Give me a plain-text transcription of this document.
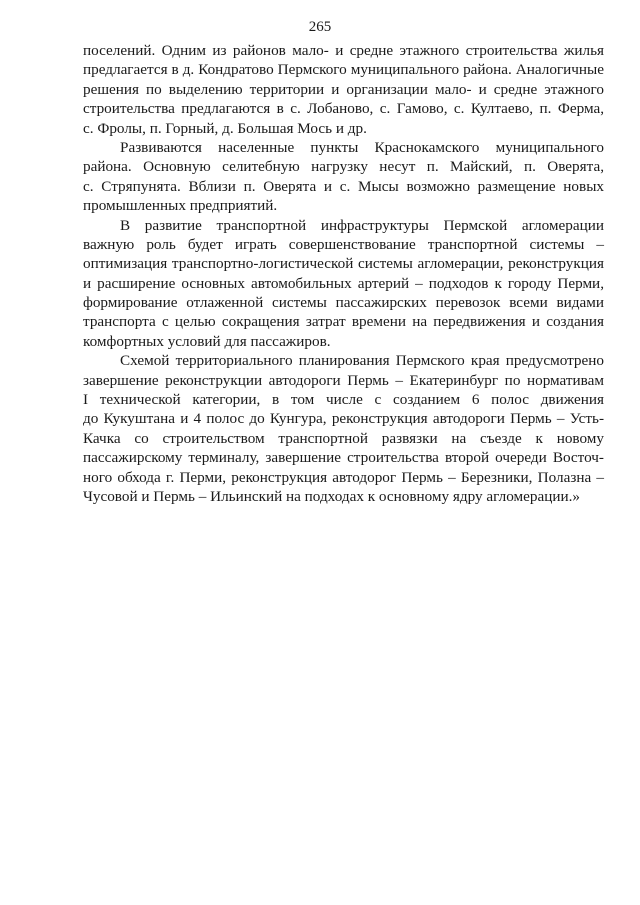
265
поселений. Одним из районов мало- и средне этажного строительства жилья
предлагается в д. Кондратово Пермского муниципального района. Аналогичные
решения по выделению территории и организации мало- и средне этажного
строительства предлагаются в с. Лобаново, с. Гамово, с. Култаево, п. Ферма,
с. Фролы, п. Горный, д. Большая Мось и др.
Развиваются населенные пункты Краснокамского муниципального
района. Основную селитебную нагрузку несут п. Майский, п. Оверята,
с. Стряпунята. Вблизи п. Оверята и с. Мысы возможно размещение новых
промышленных предприятий.
В развитие транспортной инфраструктуры Пермской агломерации
важную роль будет играть совершенствование транспортной системы –
оптимизация транспортно-логистической системы агломерации, реконструкция
и расширение основных автомобильных артерий – подходов к городу Перми,
формирование отлаженной системы пассажирских перевозок всеми видами
транспорта с целью сокращения затрат времени на передвижения и создания
комфортных условий для пассажиров.
Схемой территориального планирования Пермского края предусмотрено
завершение реконструкции автодороги Пермь – Екатеринбург по нормативам
I технической категории, в том числе с созданием 6 полос движения
до Кукуштана и 4 полос до Кунгура, реконструкция автодороги Пермь – Усть-
Качка со строительством транспортной развязки на съезде к новому
пассажирскому терминалу, завершение строительства второй очереди Восточ-
ного обхода г. Перми, реконструкция автодорог Пермь – Березники, Полазна –
Чусовой и Пермь – Ильинский на подходах к основному ядру агломерации.»
